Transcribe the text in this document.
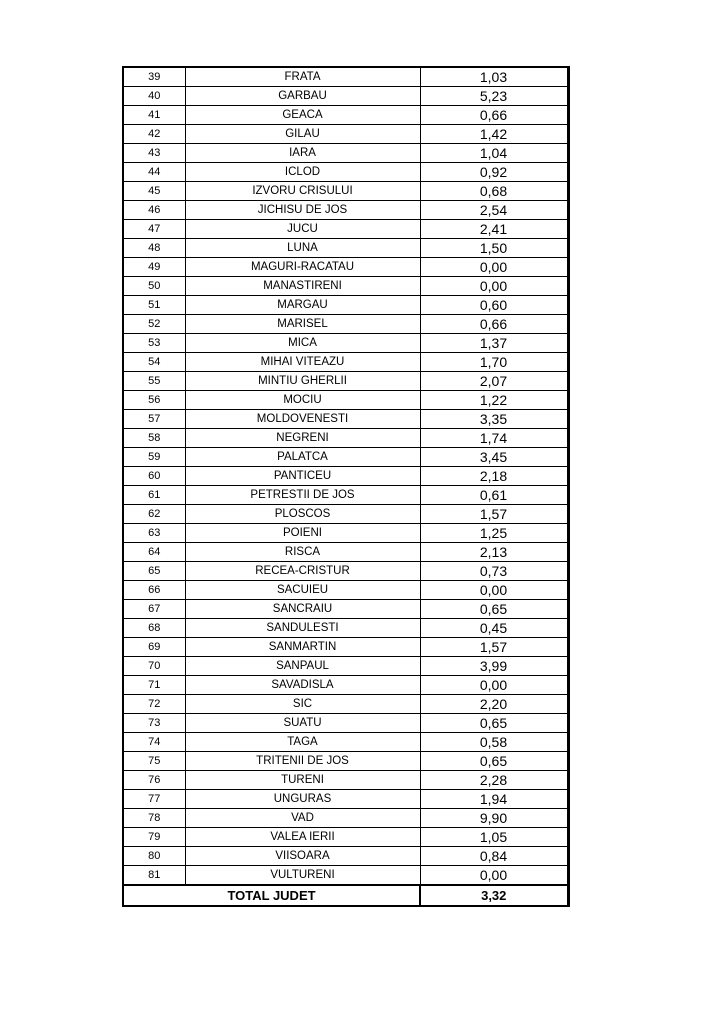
39	FRATA	1,03
40	GARBAU	5,23
41	GEACA	0,66
42	GILAU	1,42
43	IARA	1,04
44	ICLOD	0,92
45	IZVORU CRISULUI	0,68
46	JICHISU DE JOS	2,54
47	JUCU	2,41
48	LUNA	1,50
49	MAGURI-RACATAU	0,00
50	MANASTIRENI	0,00
51	MARGAU	0,60
52	MARISEL	0,66
53	MICA	1,37
54	MIHAI VITEAZU	1,70
55	MINTIU GHERLII	2,07
56	MOCIU	1,22
57	MOLDOVENESTI	3,35
58	NEGRENI	1,74
59	PALATCA	3,45
60	PANTICEU	2,18
61	PETRESTII DE JOS	0,61
62	PLOSCOS	1,57
63	POIENI	1,25
64	RISCA	2,13
65	RECEA-CRISTUR	0,73
66	SACUIEU	0,00
67	SANCRAIU	0,65
68	SANDULESTI	0,45
69	SANMARTIN	1,57
70	SANPAUL	3,99
71	SAVADISLA	0,00
72	SIC	2,20
73	SUATU	0,65
74	TAGA	0,58
75	TRITENII DE JOS	0,65
76	TURENI	2,28
77	UNGURAS	1,94
78	VAD	9,90
79	VALEA IERII	1,05
80	VIISOARA	0,84
81	VULTURENI	0,00
TOTAL JUDET		3,32
